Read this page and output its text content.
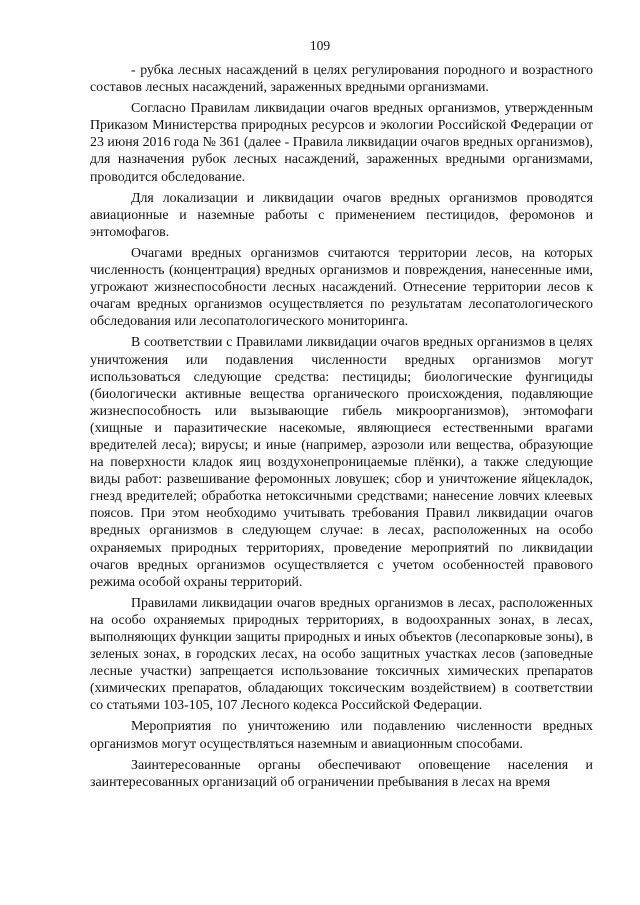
109

- рубка лесных насаждений в целях регулирования породного и возрастного составов лесных насаждений, зараженных вредными организмами.

Согласно Правилам ликвидации очагов вредных организмов, утвержденным Приказом Министерства природных ресурсов и экологии Российской Федерации от 23 июня 2016 года № 361 (далее - Правила ликвидации очагов вредных организмов), для назначения рубок лесных насаждений, зараженных вредными организмами, проводится обследование.

Для локализации и ликвидации очагов вредных организмов проводятся авиационные и наземные работы с применением пестицидов, феромонов и энтомофагов.

Очагами вредных организмов считаются территории лесов, на которых численность (концентрация) вредных организмов и повреждения, нанесенные ими, угрожают жизнеспособности лесных насаждений. Отнесение территории лесов к очагам вредных организмов осуществляется по результатам лесопатологического обследования или лесопатологического мониторинга.

В соответствии с Правилами ликвидации очагов вредных организмов в целях уничтожения или подавления численности вредных организмов могут использоваться следующие средства: пестициды; биологические фунгициды (биологически активные вещества органического происхождения, подавляющие жизнеспособность или вызывающие гибель микроорганизмов), энтомофаги (хищные и паразитические насекомые, являющиеся естественными врагами вредителей леса); вирусы; и иные (например, аэрозоли или вещества, образующие на поверхности кладок яиц воздухонепроницаемые плёнки), а также следующие виды работ: развешивание феромонных ловушек; сбор и уничтожение яйцекладок, гнезд вредителей; обработка нетоксичными средствами; нанесение ловчих клеевых поясов. При этом необходимо учитывать требования Правил ликвидации очагов вредных организмов в следующем случае: в лесах, расположенных на особо охраняемых природных территориях, проведение мероприятий по ликвидации очагов вредных организмов осуществляется с учетом особенностей правового режима особой охраны территорий.

Правилами ликвидации очагов вредных организмов в лесах, расположенных на особо охраняемых природных территориях, в водоохранных зонах, в лесах, выполняющих функции защиты природных и иных объектов (лесопарковые зоны), в зеленых зонах, в городских лесах, на особо защитных участках лесов (заповедные лесные участки) запрещается использование токсичных химических препаратов (химических препаратов, обладающих токсическим воздействием) в соответствии со статьями 103-105, 107 Лесного кодекса Российской Федерации.

Мероприятия по уничтожению или подавлению численности вредных организмов могут осуществляться наземным и авиационным способами.

Заинтересованные органы обеспечивают оповещение населения и заинтересованных организаций об ограничении пребывания в лесах на время
